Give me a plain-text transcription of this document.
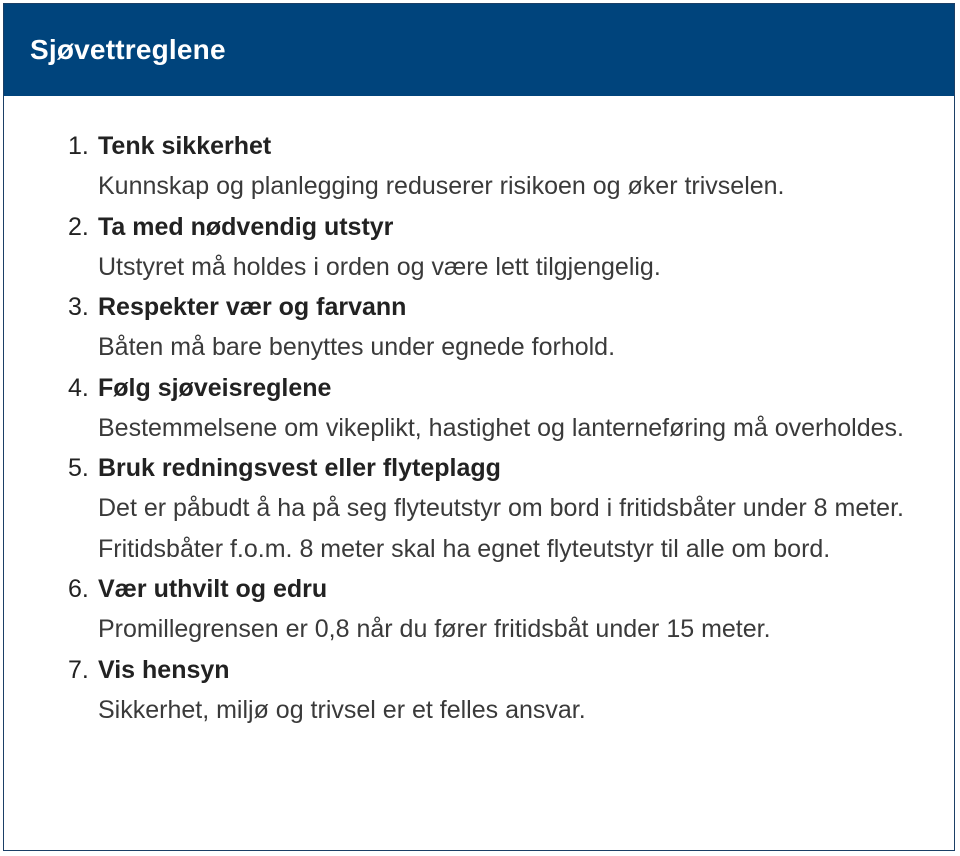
Sjøvettreglene
1. Tenk sikkerhet
Kunnskap og planlegging reduserer risikoen og øker trivselen.
2. Ta med nødvendig utstyr
Utstyret må holdes i orden og være lett tilgjengelig.
3. Respekter vær og farvann
Båten må bare benyttes under egnede forhold.
4. Følg sjøveisreglene
Bestemmelsene om vikeplikt, hastighet og lanterneføring må overholdes.
5. Bruk redningsvest eller flyteplagg
Det er påbudt å ha på seg flyteutstyr om bord i fritidsbåter under 8 meter. Fritidsbåter f.o.m. 8 meter skal ha egnet flyteutstyr til alle om bord.
6. Vær uthvilt og edru
Promillegrensen er 0,8 når du fører fritidsbåt under 15 meter.
7. Vis hensyn
Sikkerhet, miljø og trivsel er et felles ansvar.
